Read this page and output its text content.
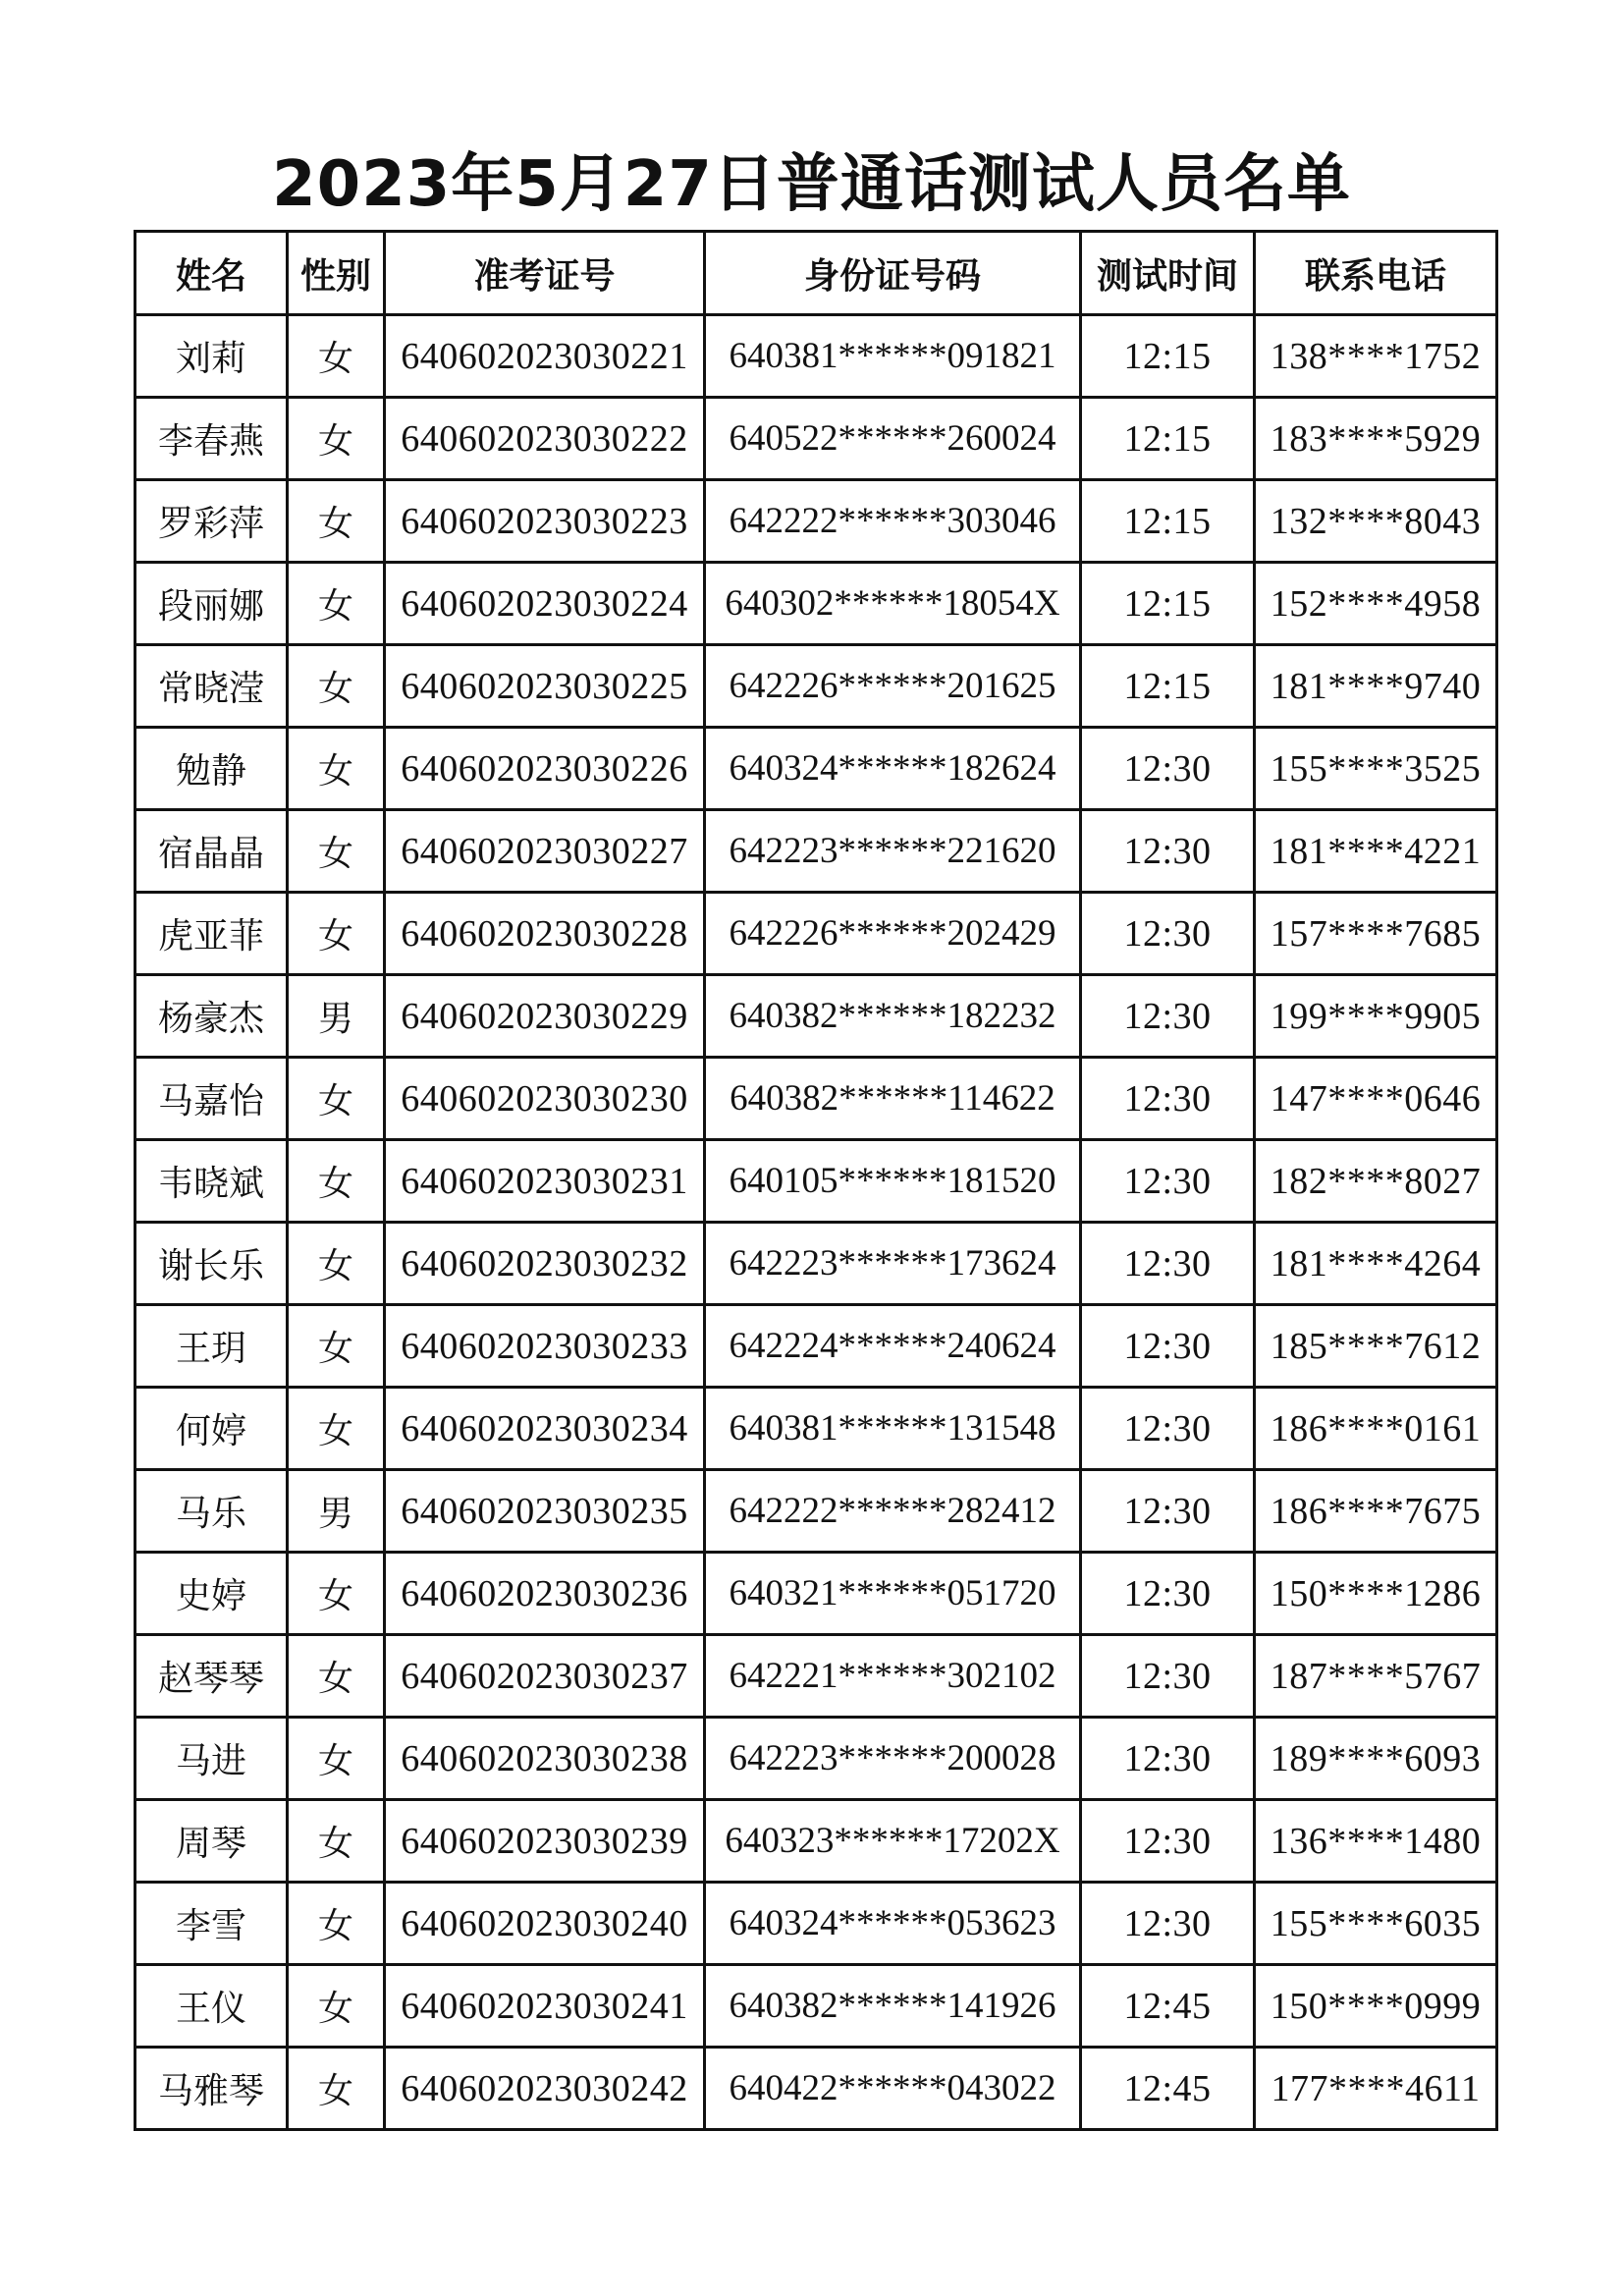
2023年5月27日普通话测试人员名单
姓名	性别	准考证号	身份证号码	测试时间	联系电话
刘莉	女	640602023030221	640381******091821	12:15	138****1752
李春燕	女	640602023030222	640522******260024	12:15	183****5929
罗彩萍	女	640602023030223	642222******303046	12:15	132****8043
段丽娜	女	640602023030224	640302******18054X	12:15	152****4958
常晓滢	女	640602023030225	642226******201625	12:15	181****9740
勉静	女	640602023030226	640324******182624	12:30	155****3525
宿晶晶	女	640602023030227	642223******221620	12:30	181****4221
虎亚菲	女	640602023030228	642226******202429	12:30	157****7685
杨豪杰	男	640602023030229	640382******182232	12:30	199****9905
马嘉怡	女	640602023030230	640382******114622	12:30	147****0646
韦晓斌	女	640602023030231	640105******181520	12:30	182****8027
谢长乐	女	640602023030232	642223******173624	12:30	181****4264
王玥	女	640602023030233	642224******240624	12:30	185****7612
何婷	女	640602023030234	640381******131548	12:30	186****0161
马乐	男	640602023030235	642222******282412	12:30	186****7675
史婷	女	640602023030236	640321******051720	12:30	150****1286
赵琴琴	女	640602023030237	642221******302102	12:30	187****5767
马进	女	640602023030238	642223******200028	12:30	189****6093
周琴	女	640602023030239	640323******17202X	12:30	136****1480
李雪	女	640602023030240	640324******053623	12:30	155****6035
王仪	女	640602023030241	640382******141926	12:45	150****0999
马雅琴	女	640602023030242	640422******043022	12:45	177****4611
